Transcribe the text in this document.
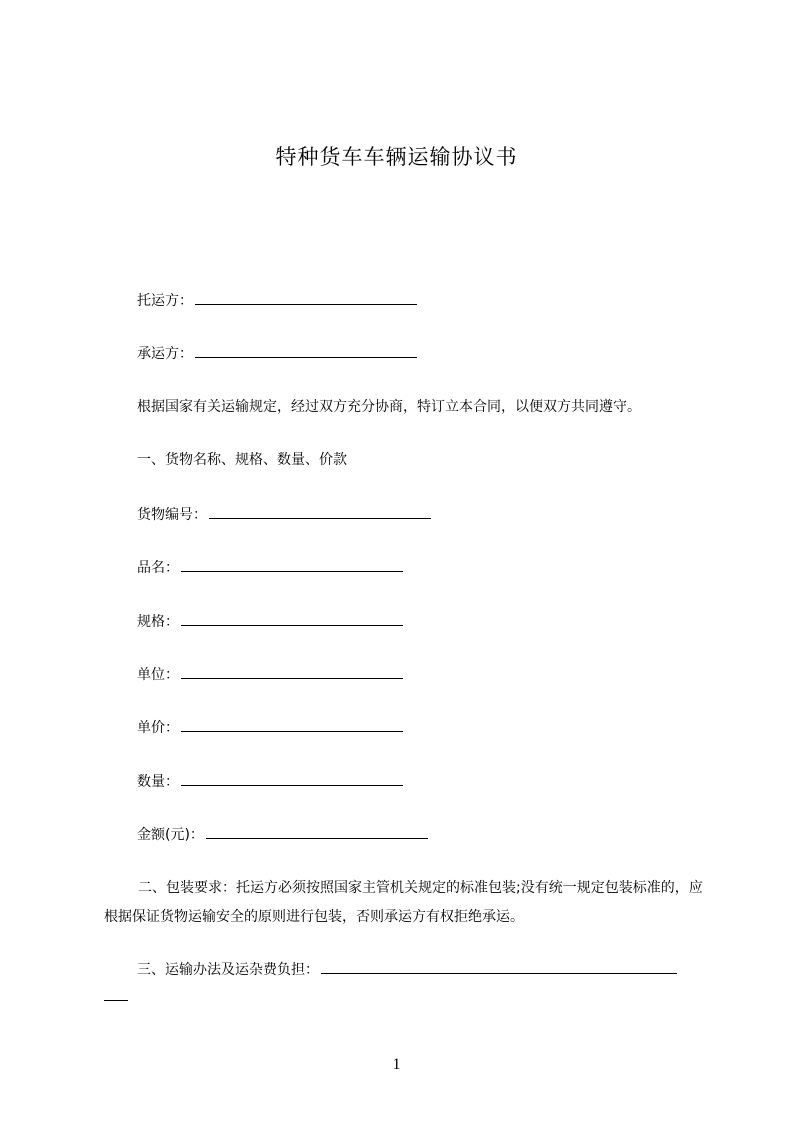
特种货车车辆运输协议书
托运方：
承运方：
根据国家有关运输规定，经过双方充分协商，特订立本合同，以便双方共同遵守。
一、货物名称、规格、数量、价款
货物编号：
品名：
规格：
单位：
单价：
数量：
金额(元)：
二、包装要求：托运方必须按照国家主管机关规定的标准包装;没有统一规定包装标准的，应根据保证货物运输安全的原则进行包装，否则承运方有权拒绝承运。
三、运输办法及运杂费负担：
1
